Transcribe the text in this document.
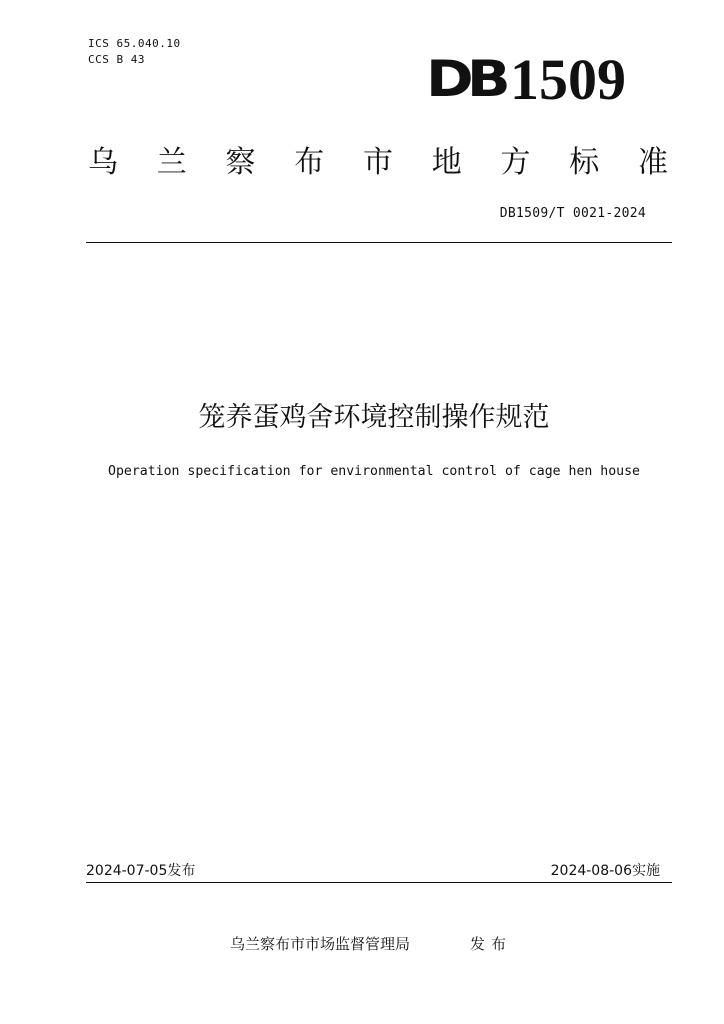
ICS 65.040.10
CCS B 43	DB 1509
乌 兰 察 布 市 地 方 标 准
DB1509/T 0021-2024
笼养蛋鸡舍环境控制操作规范
Operation specification for environmental control of cage hen house
2024-07-05发布	2024-08-06实施
乌兰察布市市场监督管理局	发布
